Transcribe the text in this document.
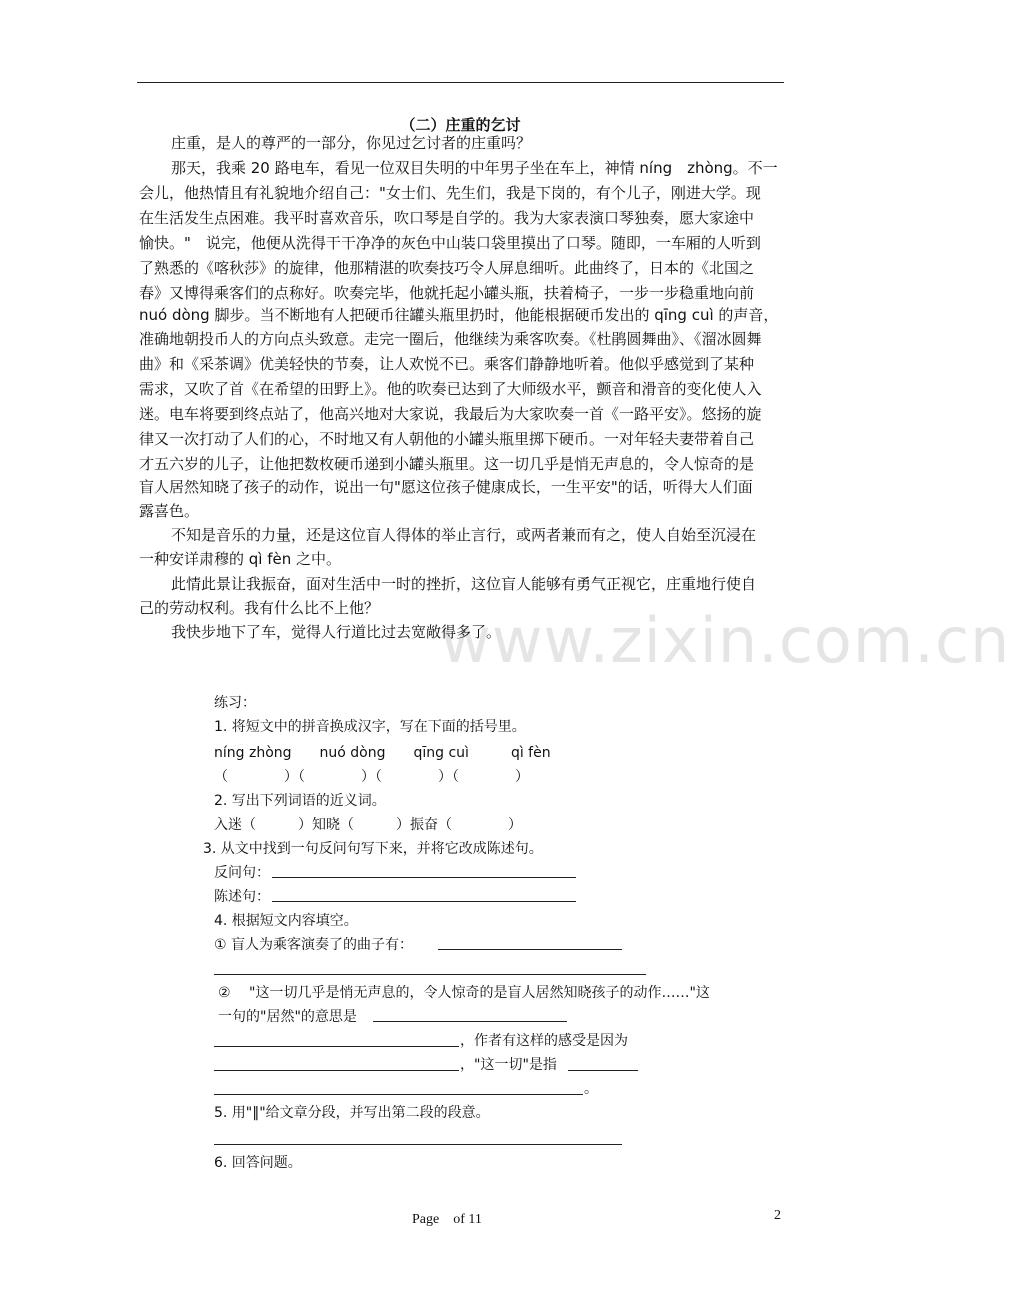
（二）庄重的乞讨
庄重，是人的尊严的一部分，你见过乞讨者的庄重吗？
那天，我乘 20 路电车，看见一位双目失明的中年男子坐在车上，神情 níng　zhòng。不一
会儿，他热情且有礼貌地介绍自己："女士们、先生们，我是下岗的，有个儿子，刚进大学。现
在生活发生点困难。我平时喜欢音乐，吹口琴是自学的。我为大家表演口琴独奏，愿大家途中
愉快。"　说完，他便从洗得干干净净的灰色中山装口袋里摸出了口琴。随即，一车厢的人听到
了熟悉的《喀秋莎》的旋律，他那精湛的吹奏技巧令人屏息细听。此曲终了，日本的《北国之
春》又博得乘客们的点称好。吹奏完毕，他就托起小罐头瓶，扶着椅子，一步一步稳重地向前
nuó dòng 脚步。当不断地有人把硬币往罐头瓶里扔时，他能根据硬币发出的 qīng cuì 的声音，
准确地朝投币人的方向点头致意。走完一圈后，他继续为乘客吹奏。《杜鹃圆舞曲》、《溜冰圆舞
曲》和《采茶调》优美轻快的节奏，让人欢悦不已。乘客们静静地听着。他似乎感觉到了某种
需求，又吹了首《在希望的田野上》。他的吹奏已达到了大师级水平，颤音和滑音的变化使人入
迷。电车将要到终点站了，他高兴地对大家说，我最后为大家吹奏一首《一路平安》。悠扬的旋
律又一次打动了人们的心，不时地又有人朝他的小罐头瓶里掷下硬币。一对年轻夫妻带着自己
才五六岁的儿子，让他把数枚硬币递到小罐头瓶里。这一切几乎是悄无声息的，令人惊奇的是
盲人居然知晓了孩子的动作，说出一句"愿这位孩子健康成长，一生平安"的话，听得大人们面
露喜色。
不知是音乐的力量，还是这位盲人得体的举止言行，或两者兼而有之，使人自始至沉浸在
一种安详肃穆的 qì fèn 之中。
此情此景让我振奋，面对生活中一时的挫折，这位盲人能够有勇气正视它，庄重地行使自
己的劳动权利。我有什么比不上他？
我快步地下了车，觉得人行道比过去宽敞得多了。
www.zixin.com.cn
练习：
1. 将短文中的拼音换成汉字，写在下面的括号里。
níng zhòng　　nuó dòng　　qīng cuì　　　qì fèn
（　　　　）（　　　　）（　　　　）（　　　　）
2. 写出下列词语的近义词。
入迷（　　　）知晓（　　　）振奋（　　　　）
3. 从文中找到一句反问句写下来，并将它改成陈述句。
反问句：
陈述句：
4. 根据短文内容填空。
① 盲人为乘客演奏了的曲子有：
②　 "这一切几乎是悄无声息的，令人惊奇的是盲人居然知晓孩子的动作……"这
一句的"居然"的意思是
，作者有这样的感受是因为
，"这一切"是指
。
5. 用"‖"给文章分段，并写出第二段的段意。
6. 回答问题。
Page　of 11	2
